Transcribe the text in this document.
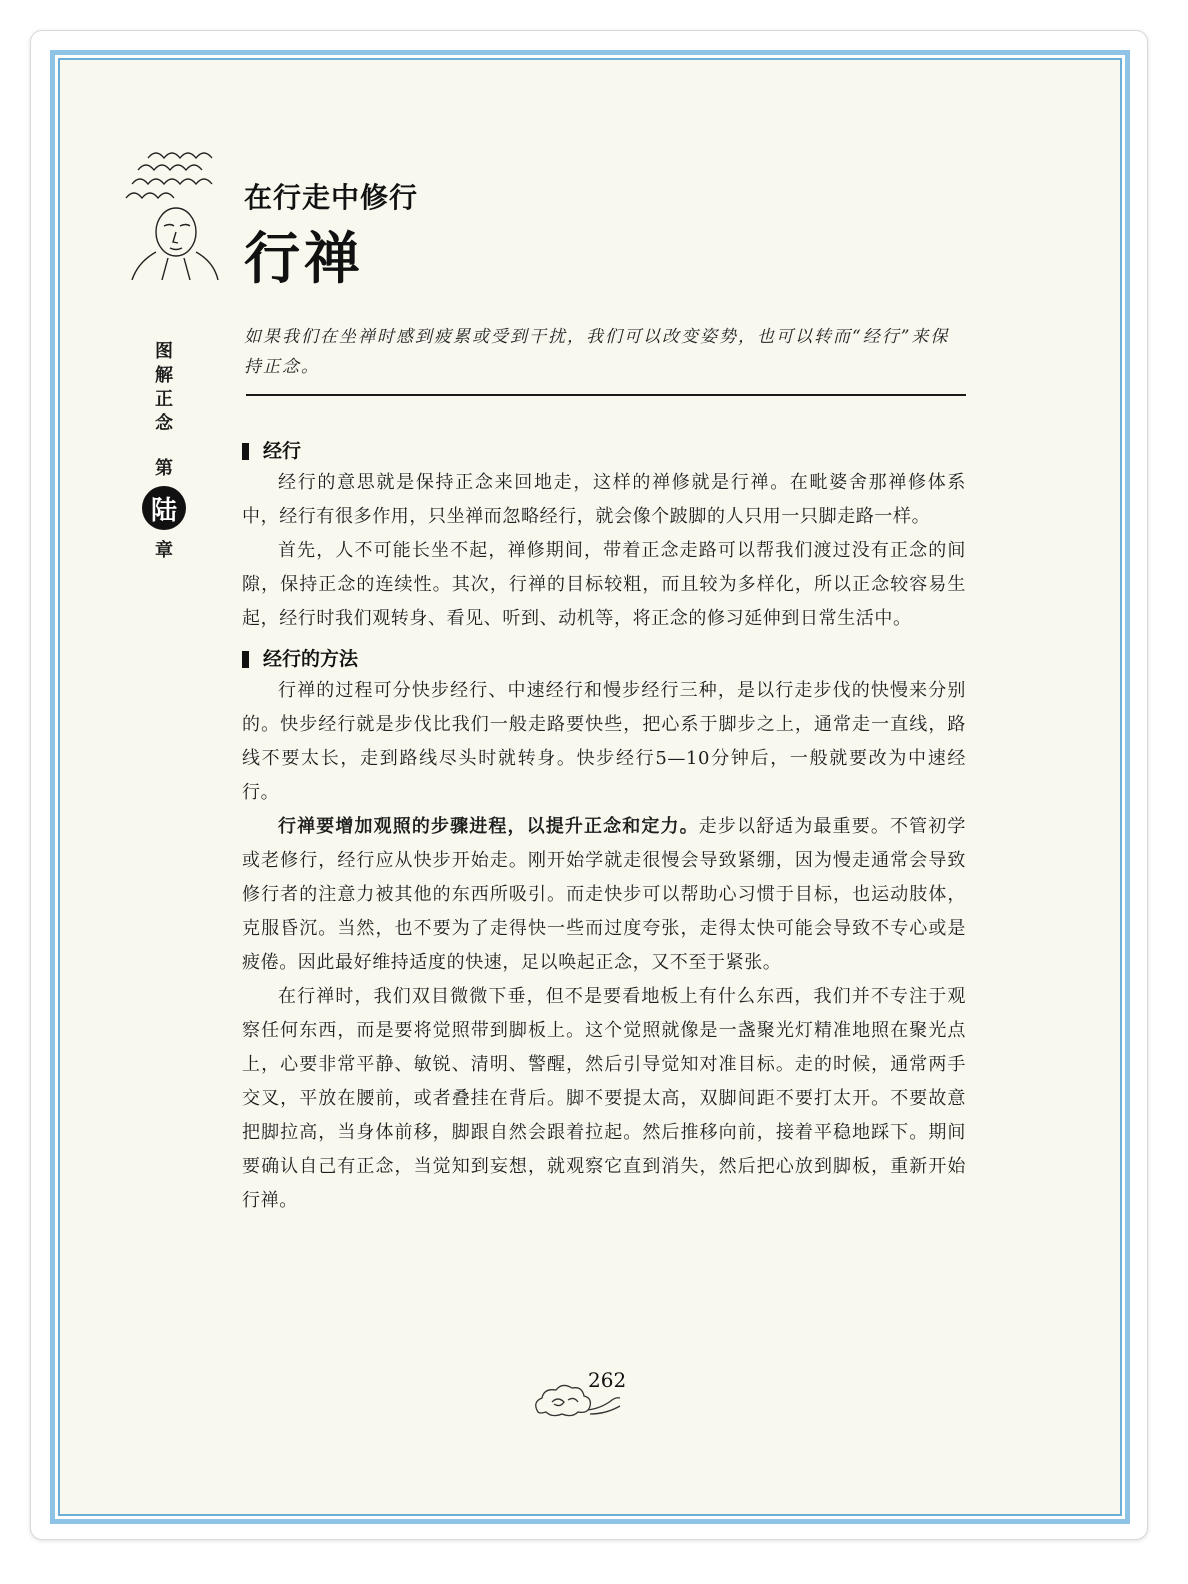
在行走中修行
行禅

如果我们在坐禅时感到疲累或受到干扰，我们可以改变姿势，也可以转而“经行”来保持正念。

图
解
正
念
第
陆
章
经行

经行的意思就是保持正念来回地走，这样的禅修就是行禅。在毗婆舍那禅修体系中，经行有很多作用，只坐禅而忽略经行，就会像个跛脚的人只用一只脚走路一样。

首先，人不可能长坐不起，禅修期间，带着正念走路可以帮我们渡过没有正念的间隙，保持正念的连续性。其次，行禅的目标较粗，而且较为多样化，所以正念较容易生起，经行时我们观转身、看见、听到、动机等，将正念的修习延伸到日常生活中。

经行的方法

行禅的过程可分快步经行、中速经行和慢步经行三种，是以行走步伐的快慢来分别的。快步经行就是步伐比我们一般走路要快些，把心系于脚步之上，通常走一直线，路线不要太长，走到路线尽头时就转身。快步经行5—10分钟后，一般就要改为中速经行。

行禅要增加观照的步骤进程，以提升正念和定力。走步以舒适为最重要。不管初学或老修行，经行应从快步开始走。刚开始学就走很慢会导致紧绷，因为慢走通常会导致修行者的注意力被其他的东西所吸引。而走快步可以帮助心习惯于目标，也运动肢体，克服昏沉。当然，也不要为了走得快一些而过度夸张，走得太快可能会导致不专心或是疲倦。因此最好维持适度的快速，足以唤起正念，又不至于紧张。

在行禅时，我们双目微微下垂，但不是要看地板上有什么东西，我们并不专注于观察任何东西，而是要将觉照带到脚板上。这个觉照就像是一盏聚光灯精准地照在聚光点上，心要非常平静、敏锐、清明、警醒，然后引导觉知对准目标。走的时候，通常两手交叉，平放在腰前，或者叠挂在背后。脚不要提太高，双脚间距不要打太开。不要故意把脚拉高，当身体前移，脚跟自然会跟着拉起。然后推移向前，接着平稳地踩下。期间要确认自己有正念，当觉知到妄想，就观察它直到消失，然后把心放到脚板，重新开始行禅。

262
